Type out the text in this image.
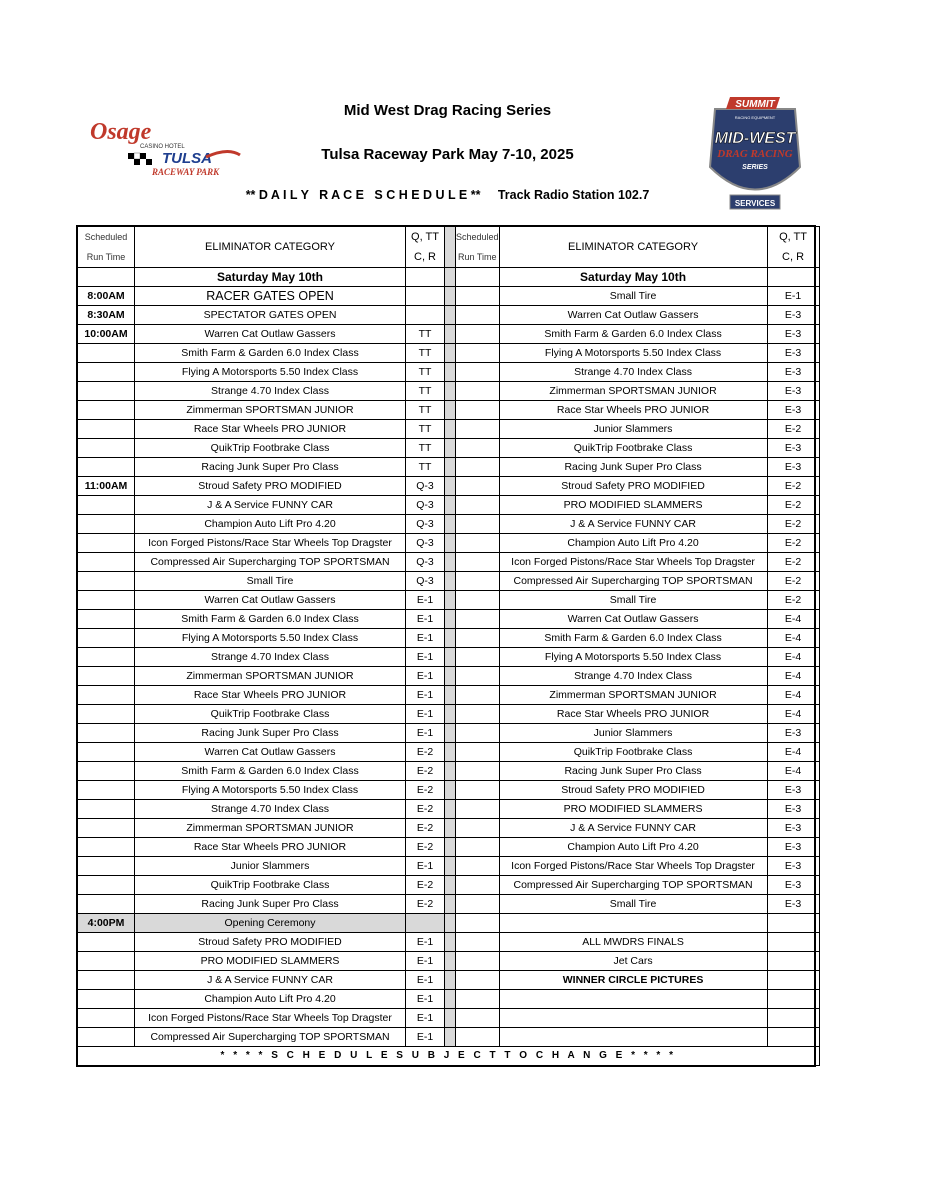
Mid West Drag Racing Series
Tulsa Raceway Park May 7-10, 2025
** D A I L Y   R A C E   S C H E D U L E ** Track Radio Station 102.7
Osage
CASINO HOTEL
TULSA
RACEWAY PARK
SUMMIT
RACING EQUIPMENT
MID-WEST
DRAG RACING
SERIES
SERVICES
Scheduled	ELIMINATOR CATEGORY	Q, TT		Scheduled	ELIMINATOR CATEGORY	Q, TT
Run Time		C, R		Run Time		C, R
	Saturday May 10th				Saturday May 10th	
8:00AM	RACER GATES OPEN				Small Tire	E-1
8:30AM	SPECTATOR GATES OPEN				Warren Cat Outlaw Gassers	E-3
10:00AM	Warren Cat Outlaw Gassers	TT			Smith Farm & Garden 6.0 Index Class	E-3
	Smith Farm & Garden 6.0 Index Class	TT			Flying A Motorsports 5.50 Index Class	E-3
	Flying A Motorsports 5.50 Index Class	TT			Strange 4.70 Index Class	E-3
	Strange 4.70 Index Class	TT			Zimmerman SPORTSMAN JUNIOR	E-3
	Zimmerman SPORTSMAN JUNIOR	TT			Race Star Wheels PRO JUNIOR	E-3
	Race Star Wheels PRO JUNIOR	TT			Junior Slammers	E-2
	QuikTrip Footbrake Class	TT			QuikTrip Footbrake Class	E-3
	Racing Junk Super Pro Class	TT			Racing Junk Super Pro Class	E-3
11:00AM	Stroud Safety PRO MODIFIED	Q-3			Stroud Safety PRO MODIFIED	E-2
	J & A Service FUNNY CAR	Q-3			PRO MODIFIED SLAMMERS	E-2
	Champion Auto Lift Pro 4.20	Q-3			J & A Service FUNNY CAR	E-2
	Icon Forged Pistons/Race Star Wheels Top Dragster	Q-3			Champion Auto Lift Pro 4.20	E-2
	Compressed Air Supercharging TOP SPORTSMAN	Q-3			Icon Forged Pistons/Race Star Wheels Top Dragster	E-2
	Small Tire	Q-3			Compressed Air Supercharging TOP SPORTSMAN	E-2
	Warren Cat Outlaw Gassers	E-1			Small Tire	E-2
	Smith Farm & Garden 6.0 Index Class	E-1			Warren Cat Outlaw Gassers	E-4
	Flying A Motorsports 5.50 Index Class	E-1			Smith Farm & Garden 6.0 Index Class	E-4
	Strange 4.70 Index Class	E-1			Flying A Motorsports 5.50 Index Class	E-4
	Zimmerman SPORTSMAN JUNIOR	E-1			Strange 4.70 Index Class	E-4
	Race Star Wheels PRO JUNIOR	E-1			Zimmerman SPORTSMAN JUNIOR	E-4
	QuikTrip Footbrake Class	E-1			Race Star Wheels PRO JUNIOR	E-4
	Racing Junk Super Pro Class	E-1			Junior Slammers	E-3
	Warren Cat Outlaw Gassers	E-2			QuikTrip Footbrake Class	E-4
	Smith Farm & Garden 6.0 Index Class	E-2			Racing Junk Super Pro Class	E-4
	Flying A Motorsports 5.50 Index Class	E-2			Stroud Safety PRO MODIFIED	E-3
	Strange 4.70 Index Class	E-2			PRO MODIFIED SLAMMERS	E-3
	Zimmerman SPORTSMAN JUNIOR	E-2			J & A Service FUNNY CAR	E-3
	Race Star Wheels PRO JUNIOR	E-2			Champion Auto Lift Pro 4.20	E-3
	Junior Slammers	E-1			Icon Forged Pistons/Race Star Wheels Top Dragster	E-3
	QuikTrip Footbrake Class	E-2			Compressed Air Supercharging TOP SPORTSMAN	E-3
	Racing Junk Super Pro Class	E-2			Small Tire	E-3
4:00PM	Opening Ceremony					
	Stroud Safety PRO MODIFIED	E-1			ALL MWDRS FINALS	
	PRO MODIFIED SLAMMERS	E-1			Jet Cars	
	J & A Service FUNNY CAR	E-1			WINNER CIRCLE PICTURES	
	Champion Auto Lift Pro 4.20	E-1				
	Icon Forged Pistons/Race Star Wheels Top Dragster	E-1				
	Compressed Air Supercharging TOP SPORTSMAN	E-1				
* * * * S C H E D U L E S U B J E C T T O C H A N G E * * * *						
